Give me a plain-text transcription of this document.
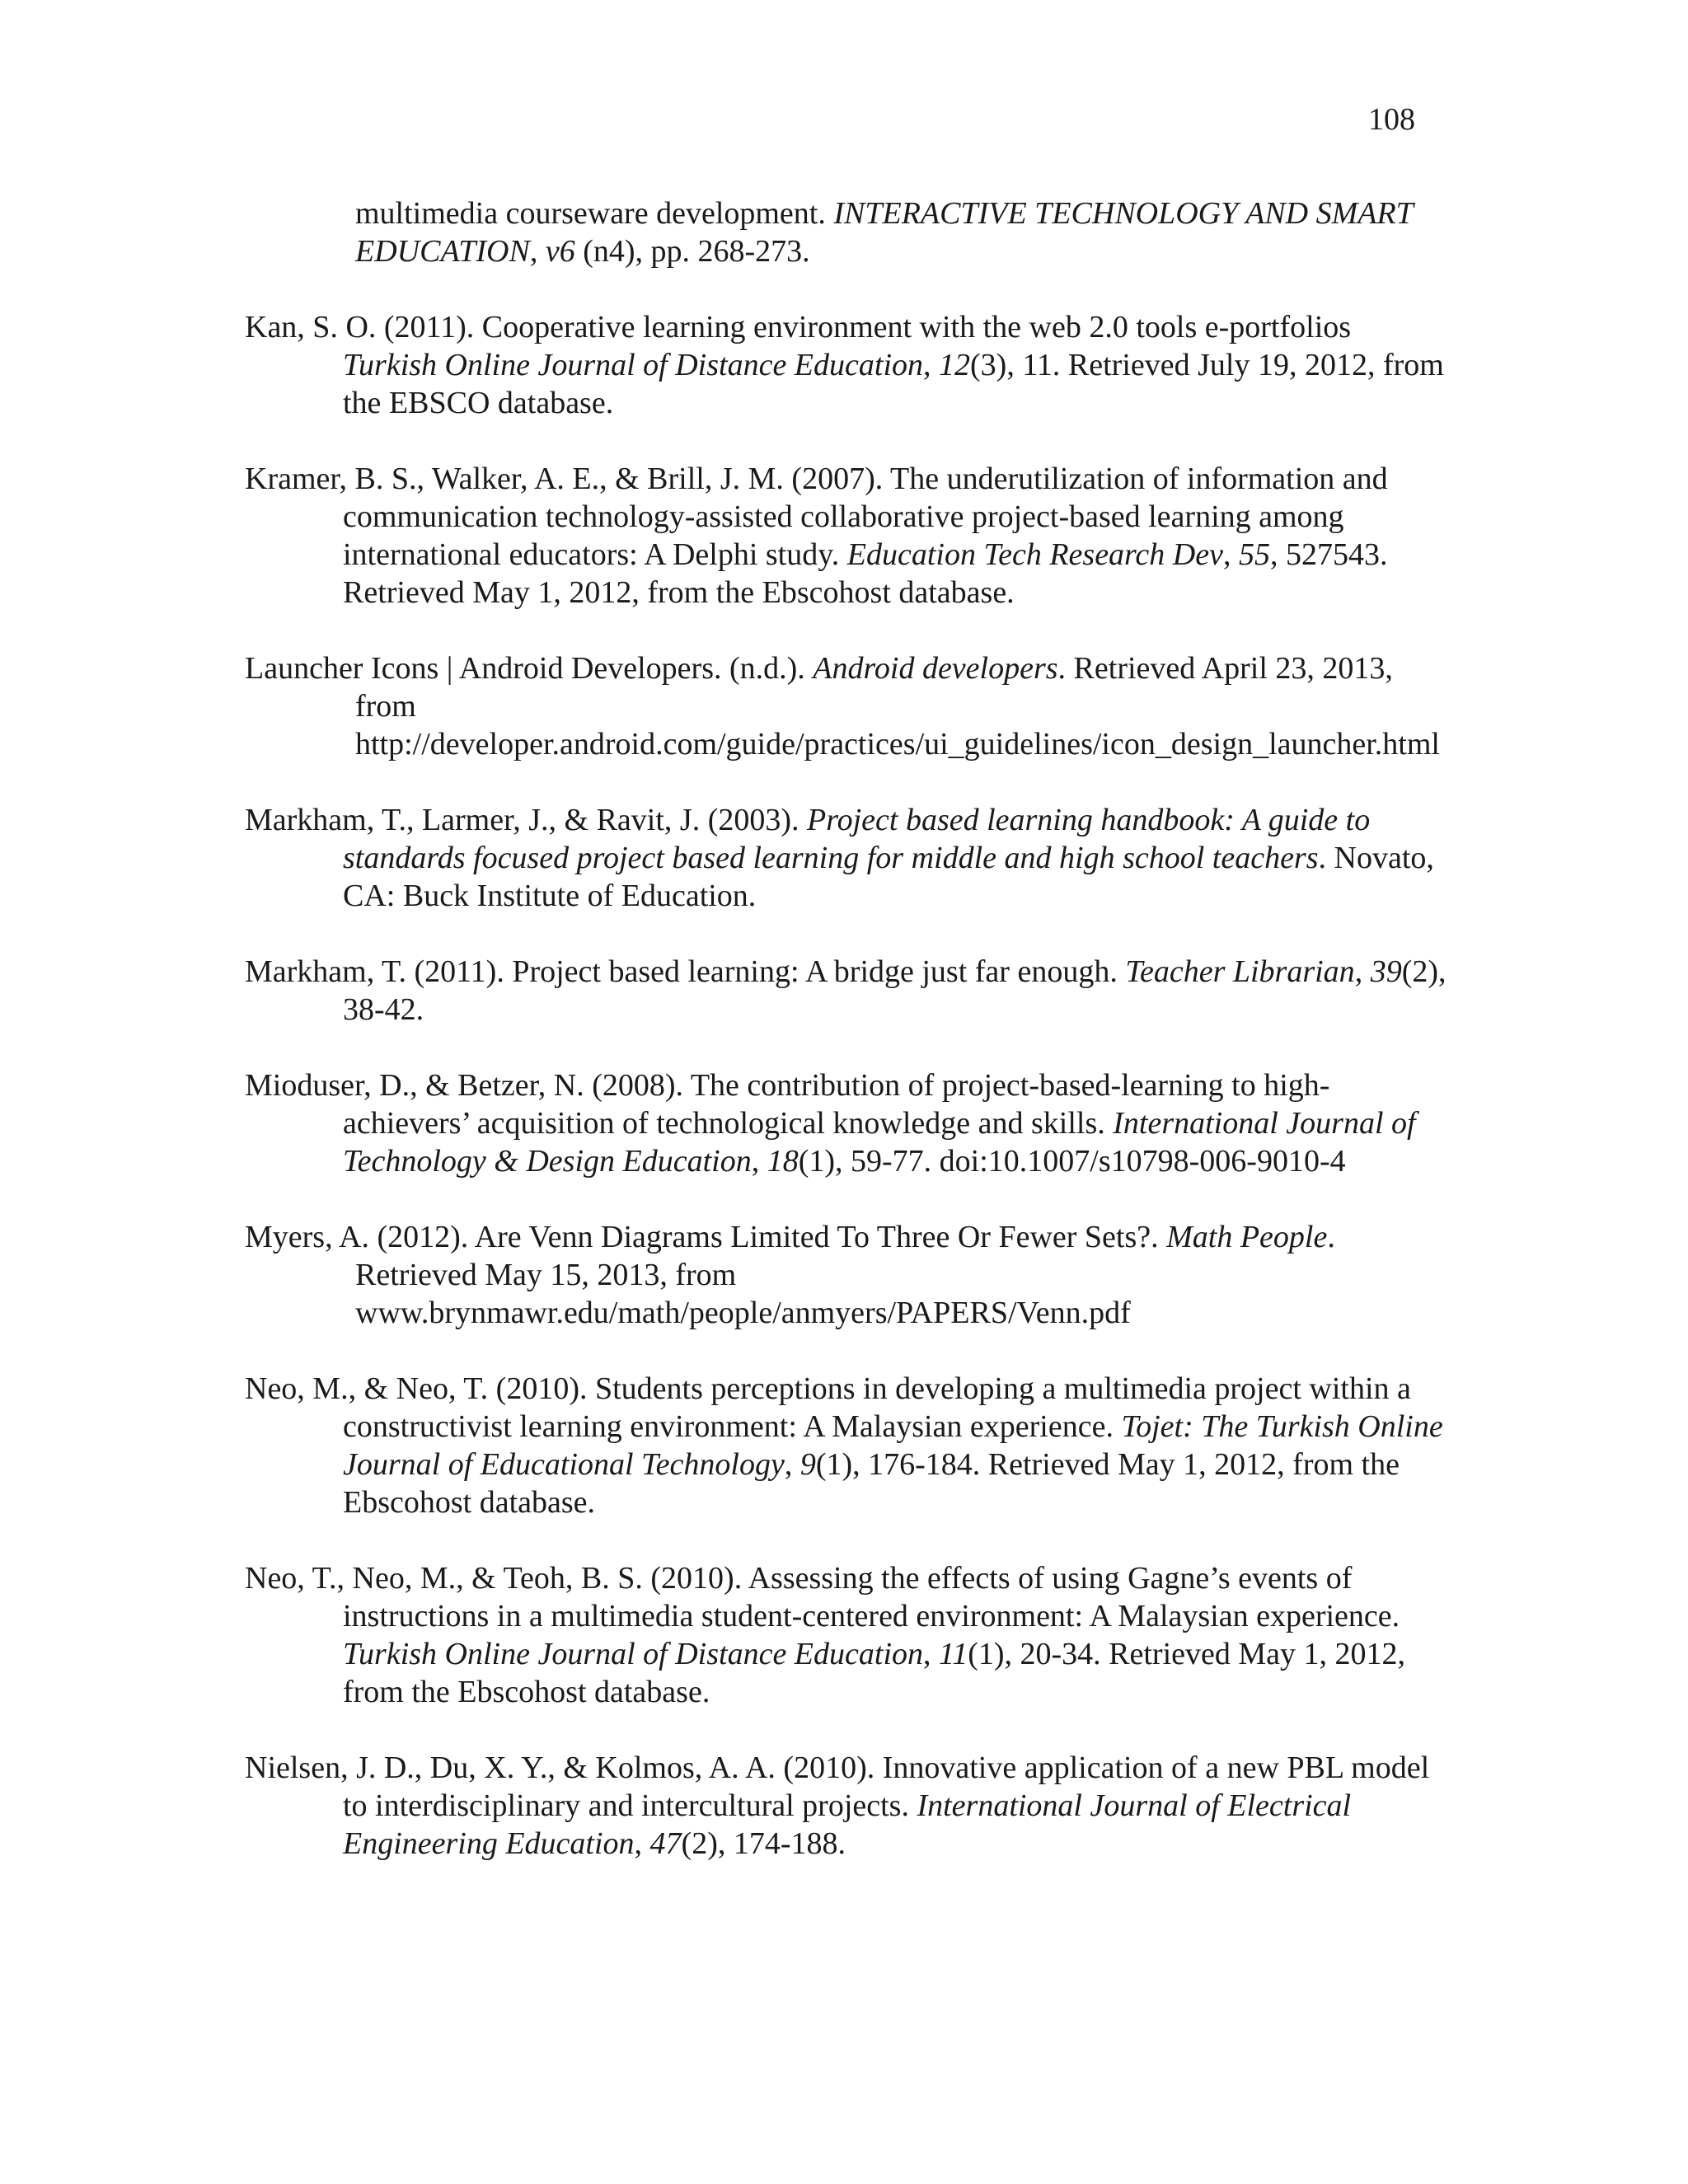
108

multimedia courseware development. INTERACTIVE TECHNOLOGY AND SMART EDUCATION, v6 (n4), pp. 268-273.

Kan, S. O. (2011). Cooperative learning environment with the web 2.0 tools e-portfolios Turkish Online Journal of Distance Education, 12(3), 11. Retrieved July 19, 2012, from the EBSCO database.

Kramer, B. S., Walker, A. E., & Brill, J. M. (2007). The underutilization of information and communication technology-assisted collaborative project-based learning among international educators: A Delphi study. Education Tech Research Dev, 55, 527543. Retrieved May 1, 2012, from the Ebscohost database.

Launcher Icons | Android Developers. (n.d.). Android developers. Retrieved April 23, 2013, from http://developer.android.com/guide/practices/ui_guidelines/icon_design_launcher.html

Markham, T., Larmer, J., & Ravit, J. (2003). Project based learning handbook: A guide to standards focused project based learning for middle and high school teachers. Novato, CA: Buck Institute of Education.

Markham, T. (2011). Project based learning: A bridge just far enough. Teacher Librarian, 39(2), 38-42.

Mioduser, D., & Betzer, N. (2008). The contribution of project-based-learning to high-achievers’ acquisition of technological knowledge and skills. International Journal of Technology & Design Education, 18(1), 59-77. doi:10.1007/s10798-006-9010-4

Myers, A. (2012). Are Venn Diagrams Limited To Three Or Fewer Sets?. Math People. Retrieved May 15, 2013, from www.brynmawr.edu/math/people/anmyers/PAPERS/Venn.pdf

Neo, M., & Neo, T. (2010). Students perceptions in developing a multimedia project within a constructivist learning environment: A Malaysian experience. Tojet: The Turkish Online Journal of Educational Technology, 9(1), 176-184. Retrieved May 1, 2012, from the Ebscohost database.

Neo, T., Neo, M., & Teoh, B. S. (2010). Assessing the effects of using Gagne’s events of instructions in a multimedia student-centered environment: A Malaysian experience. Turkish Online Journal of Distance Education, 11(1), 20-34. Retrieved May 1, 2012, from the Ebscohost database.

Nielsen, J. D., Du, X. Y., & Kolmos, A. A. (2010). Innovative application of a new PBL model to interdisciplinary and intercultural projects. International Journal of Electrical Engineering Education, 47(2), 174-188.
